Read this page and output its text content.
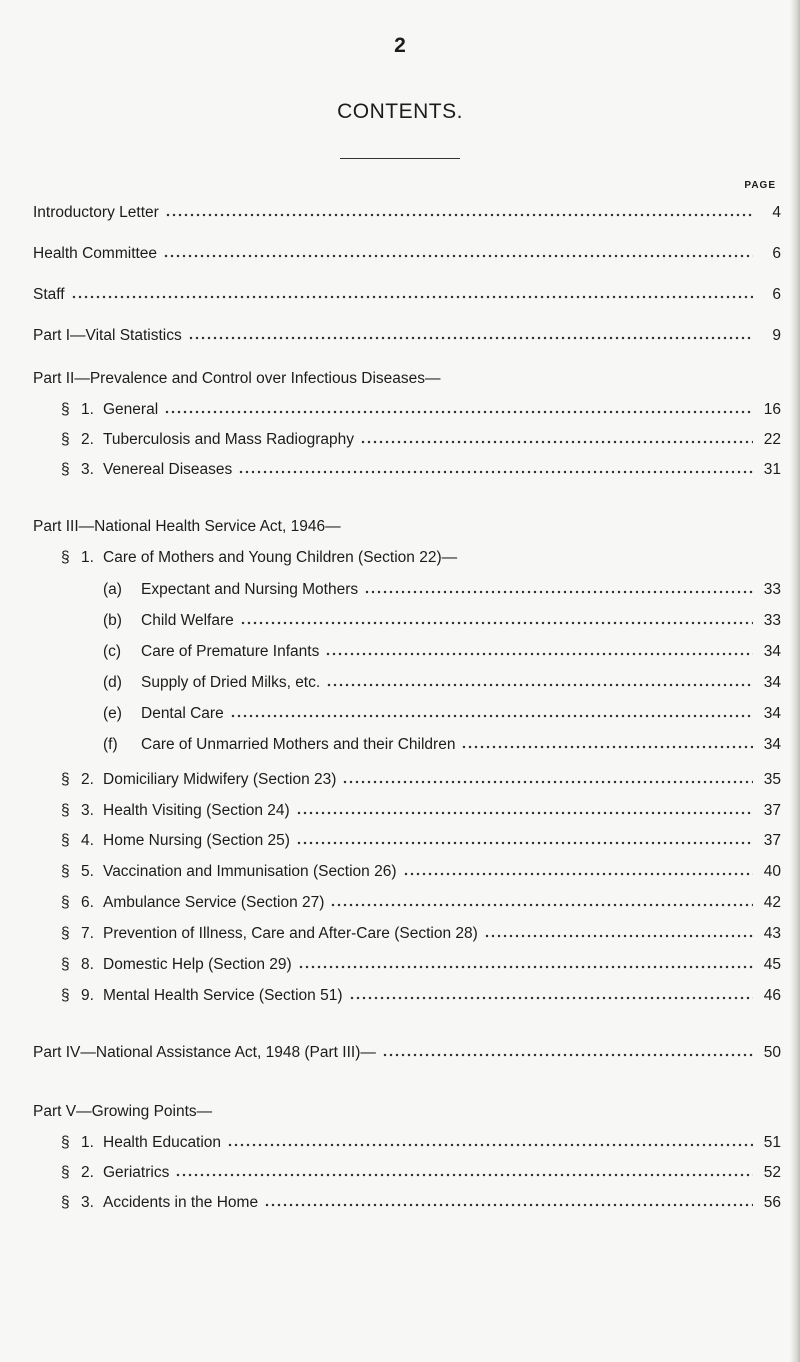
2
CONTENTS.
PAGE
Introductory Letter	4
Health Committee	6
Staff	6
Part I—Vital Statistics	9
Part II—Prevalence and Control over Infectious Diseases—
§ 1. General	16
§ 2. Tuberculosis and Mass Radiography	22
§ 3. Venereal Diseases	31
Part III—National Health Service Act, 1946—
§ 1. Care of Mothers and Young Children (Section 22)—
(a)	Expectant and Nursing Mothers	33
(b)	Child Welfare	33
(c)	Care of Premature Infants	34
(d)	Supply of Dried Milks, etc.	34
(e)	Dental Care	34
(f)	Care of Unmarried Mothers and their Children	34
§ 2. Domiciliary Midwifery (Section 23)	35
§ 3. Health Visiting (Section 24)	37
§ 4. Home Nursing (Section 25)	37
§ 5. Vaccination and Immunisation (Section 26)	40
§ 6. Ambulance Service (Section 27)	42
§ 7. Prevention of Illness, Care and After-Care (Section 28)	43
§ 8. Domestic Help (Section 29)	45
§ 9. Mental Health Service (Section 51)	46
Part IV—National Assistance Act, 1948 (Part III)—	50
Part V—Growing Points—
§ 1. Health Education	51
§ 2. Geriatrics	52
§ 3. Accidents in the Home	56
